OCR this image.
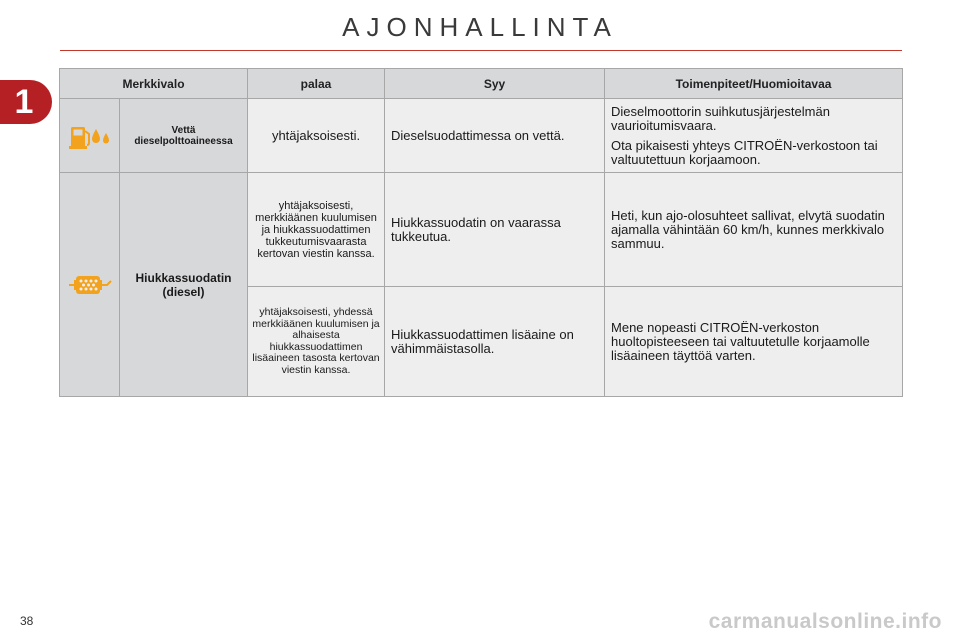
AJONHALLINTA
1	Merkkivalo		palaa	Syy	Toimenpiteet/Huomioitavaa

Vettä dieselpolttoaineessa	yhtäjaksoisesti.	Dieselsuodattimessa on vettä.	Dieselmoottorin suihkutusjärjestelmän vaurioitumisvaara.
Ota pikaisesti yhteys CITROËN-verkostoon tai valtuutettuun korjaamoon.

Hiukkassuodatin (diesel)	yhtäjaksoisesti, merkkiäänen kuulumisen ja hiukkassuodattimen tukkeutumisvaarasta kertovan viestin kanssa.	Hiukkassuodatin on vaarassa tukkeutua.	Heti, kun ajo-olosuhteet sallivat, elvytä suodatin ajamalla vähintään 60 km/h, kunnes merkkivalo sammuu.

		yhtäjaksoisesti, yhdessä merkkiäänen kuulumisen ja alhaisesta hiukkassuodattimen lisäaineen tasosta kertovan viestin kanssa.	Hiukkassuodattimen lisäaine on vähimmäistasolla.	Mene nopeasti CITROËN-verkoston huoltopisteeseen tai valtuutetulle korjaamolle lisäaineen täyttöä varten.
38	carmanualsonline.info
